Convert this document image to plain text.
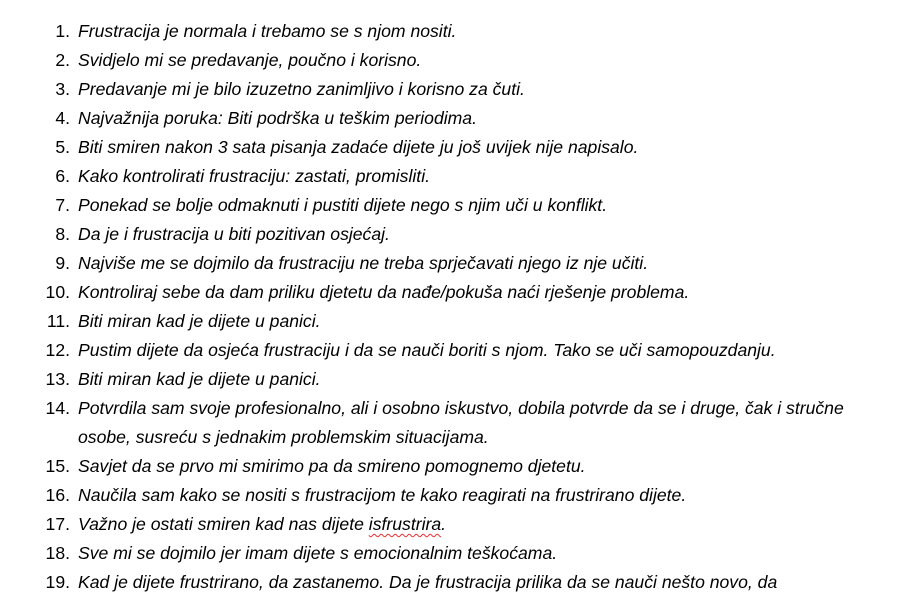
1. Frustracija je normala i trebamo se s njom nositi.
2. Svidjelo mi se predavanje, poučno i korisno.
3. Predavanje mi je bilo izuzetno zanimljivo i korisno za čuti.
4. Najvažnija poruka: Biti podrška u teškim periodima.
5. Biti smiren nakon 3 sata pisanja zadaće dijete ju još uvijek nije napisalo.
6. Kako kontrolirati frustraciju: zastati, promisliti.
7. Ponekad se bolje odmaknuti i pustiti dijete nego s njim uči u konflikt.
8. Da je i frustracija u biti pozitivan osjećaj.
9. Najviše me se dojmilo da frustraciju ne treba sprječavati njego iz nje učiti.
10. Kontroliraj sebe da dam priliku djetetu da nađe/pokuša naći rješenje problema.
11. Biti miran kad je dijete u panici.
12. Pustim dijete da osjeća frustraciju i da se nauči boriti s njom. Tako se uči samopouzdanju.
13. Biti miran kad je dijete u panici.
14. Potvrdila sam svoje profesionalno, ali i osobno iskustvo, dobila potvrde da se i druge, čak i stručne osobe, susreću s jednakim problemskim situacijama.
15. Savjet da se prvo mi smirimo pa da smireno pomognemo djetetu.
16. Naučila sam kako se nositi s frustracijom te kako reagirati na frustrirano dijete.
17. Važno je ostati smiren kad nas dijete isfrustrira.
18. Sve mi se dojmilo jer imam dijete s emocionalnim teškoćama.
19. Kad je dijete frustrirano, da zastanemo. Da je frustracija prilika da se nauči nešto novo, da
